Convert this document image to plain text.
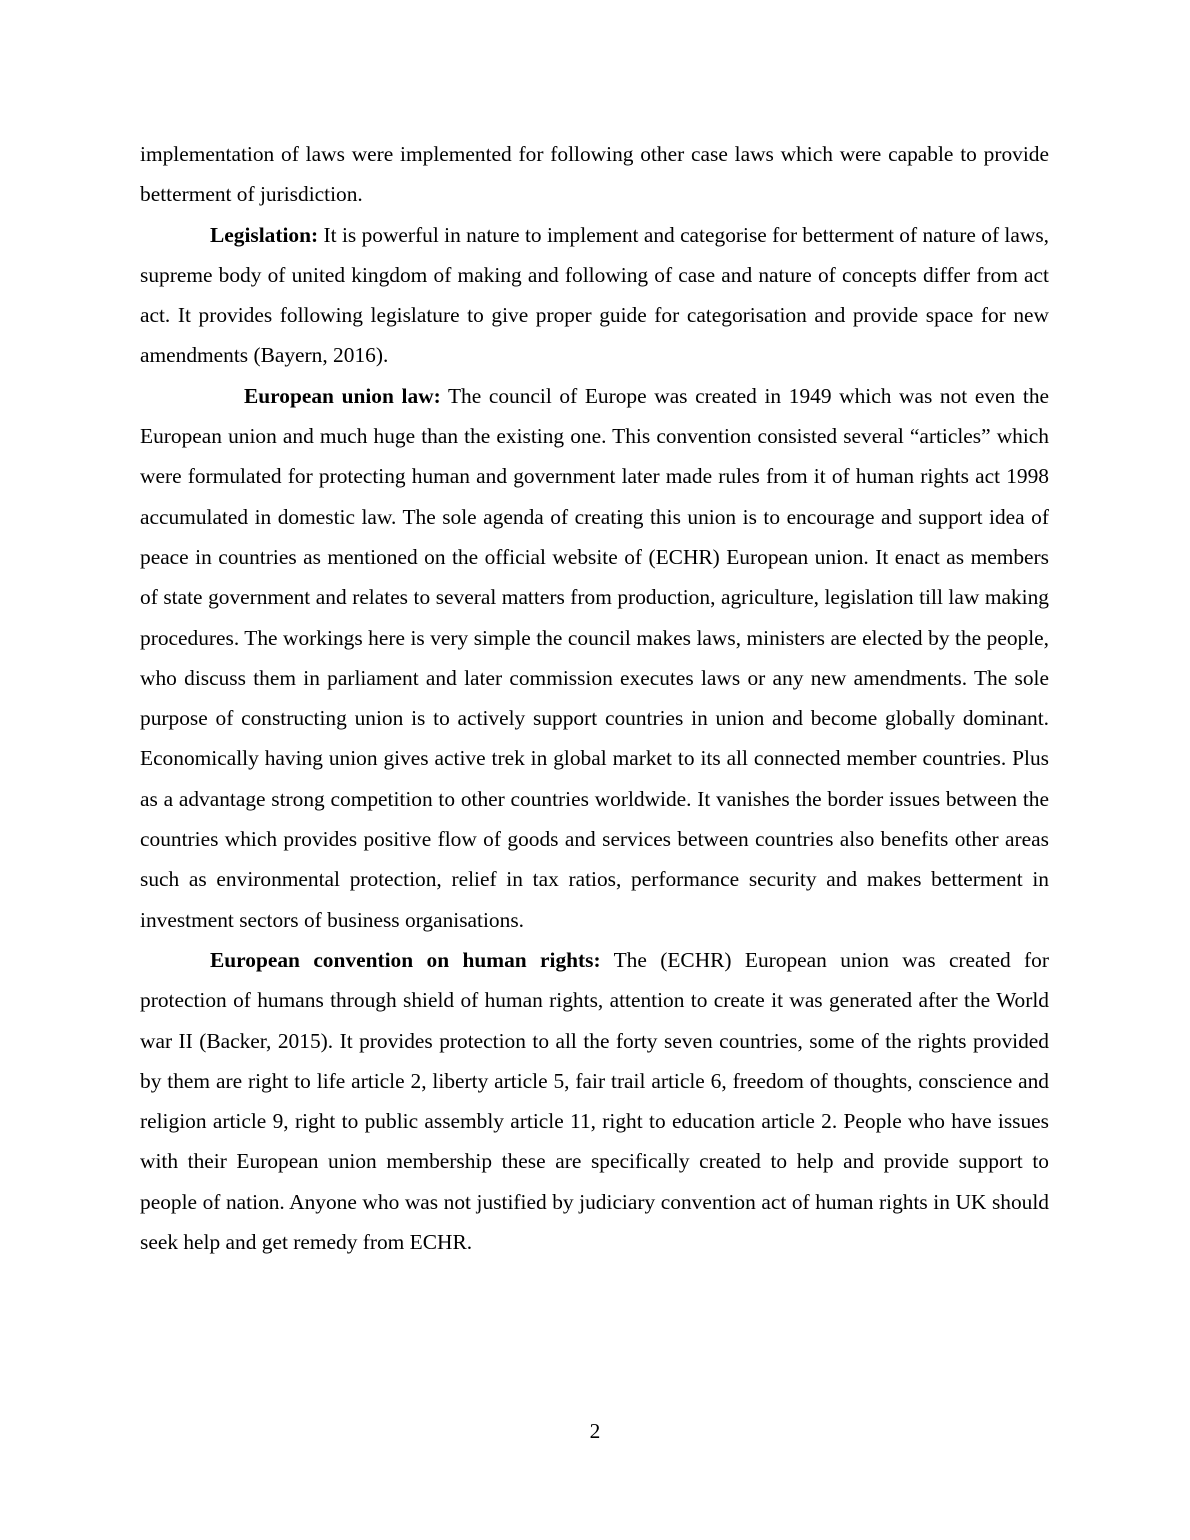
implementation of laws were implemented for following other case laws which were capable to provide betterment of jurisdiction.

Legislation: It is powerful in nature to implement and categorise for betterment of nature of laws, supreme body of united kingdom of making and following of case and nature of concepts differ from act act. It provides following legislature to give proper guide for categorisation and provide space for new amendments (Bayern, 2016).

European union law: The council of Europe was created in 1949 which was not even the European union and much huge than the existing one. This convention consisted several “articles” which were formulated for protecting human and government later made rules from it of human rights act 1998 accumulated in domestic law. The sole agenda of creating this union is to encourage and support idea of peace in countries as mentioned on the official website of (ECHR) European union. It enact as members of state government and relates to several matters from production, agriculture, legislation till law making procedures. The workings here is very simple the council makes laws, ministers are elected by the people, who discuss them in parliament and later commission executes laws or any new amendments. The sole purpose of constructing union is to actively support countries in union and become globally dominant. Economically having union gives active trek in global market to its all connected member countries. Plus as a advantage strong competition to other countries worldwide. It vanishes the border issues between the countries which provides positive flow of goods and services between countries also benefits other areas such as environmental protection, relief in tax ratios, performance security and makes betterment in investment sectors of business organisations.

European convention on human rights: The (ECHR) European union was created for protection of humans through shield of human rights, attention to create it was generated after the World war II (Backer, 2015). It provides protection to all the forty seven countries, some of the rights provided by them are right to life article 2, liberty article 5, fair trail article 6, freedom of thoughts, conscience and religion article 9, right to public assembly article 11, right to education article 2. People who have issues with their European union membership these are specifically created to help and provide support to people of nation. Anyone who was not justified by judiciary convention act of human rights in UK should seek help and get remedy from ECHR.

2
